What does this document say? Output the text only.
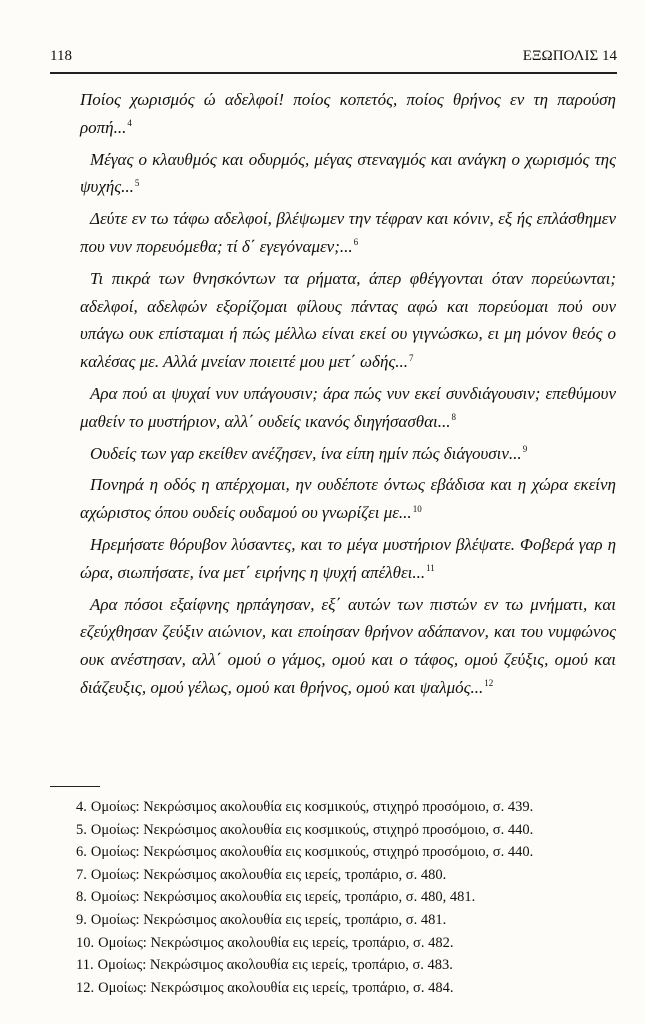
118	ΕΞΩΠΟΛΙΣ 14

Ποίος χωρισμός ώ αδελφοί! ποίος κοπετός, ποίος θρήνος εν τη παρούση ροπή...$^4$

Μέγας ο κλαυθμός και οδυρμός, μέγας στεναγμός και ανάγκη ο χωρισμός της ψυχής...$^5$

Δεύτε εν τω τάφω αδελφοί, βλέψωμεν την τέφραν και κόνιν, εξ ής επλάσθημεν που νυν πορευόμεθα; τί δ΄ εγεγόναμεν;...$^6$

Τι πικρά των θνησκόντων τα ρήματα, άπερ φθέγγονται όταν πορεύωνται; αδελφοί, αδελφών εξορίζομαι φίλους πάντας αφώ και πορεύομαι πού ουν υπάγω ουκ επίσταμαι ή πώς μέλλω είναι εκεί ου γιγνώσκω, ει μη μόνον θεός ο καλέσας με. Αλλά μνείαν ποιειτέ μου μετ΄ ωδής...$^7$

Αρα πού αι ψυχαί νυν υπάγουσιν; άρα πώς νυν εκεί συνδιάγουσιν; επεθύμουν μαθείν το μυστήριον, αλλ΄ ουδείς ικανός διηγήσασθαι...$^8$

Ουδείς των γαρ εκείθεν ανέζησεν, ίνα είπη ημίν πώς διάγουσιν...$^9$

Πονηρά η οδός η απέρχομαι, ην ουδέποτε όντως εβάδισα και η χώρα εκείνη αχώριστος όπου ουδείς ουδαμού ου γνωρίζει με...$^{10}$

Ηρεμήσατε θόρυβον λύσαντες, και το μέγα μυστήριον βλέψατε. Φοβερά γαρ η ώρα, σιωπήσατε, ίνα μετ΄ ειρήνης η ψυχή απέλθει...$^{11}$

Αρα πόσοι εξαίφνης ηρπάγησαν, εξ΄ αυτών των πιστών εν τω μνήματι, και εζεύχθησαν ζεύξιν αιώνιον, και εποίησαν θρήνον αδάπανον, και του νυμφώνος ουκ ανέστησαν, αλλ΄ ομού ο γάμος, ομού και ο τάφος, ομού ζεύξις, ομού και διάζευξις, ομού γέλως, ομού και θρήνος, ομού και ψαλμός...$^{12}$

4. Ομοίως: Νεκρώσιμος ακολουθία εις κοσμικούς, στιχηρό προσόμοιο, σ. 439.
5. Ομοίως: Νεκρώσιμος ακολουθία εις κοσμικούς, στιχηρό προσόμοιο, σ. 440.
6. Ομοίως: Νεκρώσιμος ακολουθία εις κοσμικούς, στιχηρό προσόμοιο, σ. 440.
7. Ομοίως: Νεκρώσιμος ακολουθία εις ιερείς, τροπάριο, σ. 480.
8. Ομοίως: Νεκρώσιμος ακολουθία εις ιερείς, τροπάριο, σ. 480, 481.
9. Ομοίως: Νεκρώσιμος ακολουθία εις ιερείς, τροπάριο, σ. 481.
10. Ομοίως: Νεκρώσιμος ακολουθία εις ιερείς, τροπάριο, σ. 482.
11. Ομοίως: Νεκρώσιμος ακολουθία εις ιερείς, τροπάριο, σ. 483.
12. Ομοίως: Νεκρώσιμος ακολουθία εις ιερείς, τροπάριο, σ. 484.
